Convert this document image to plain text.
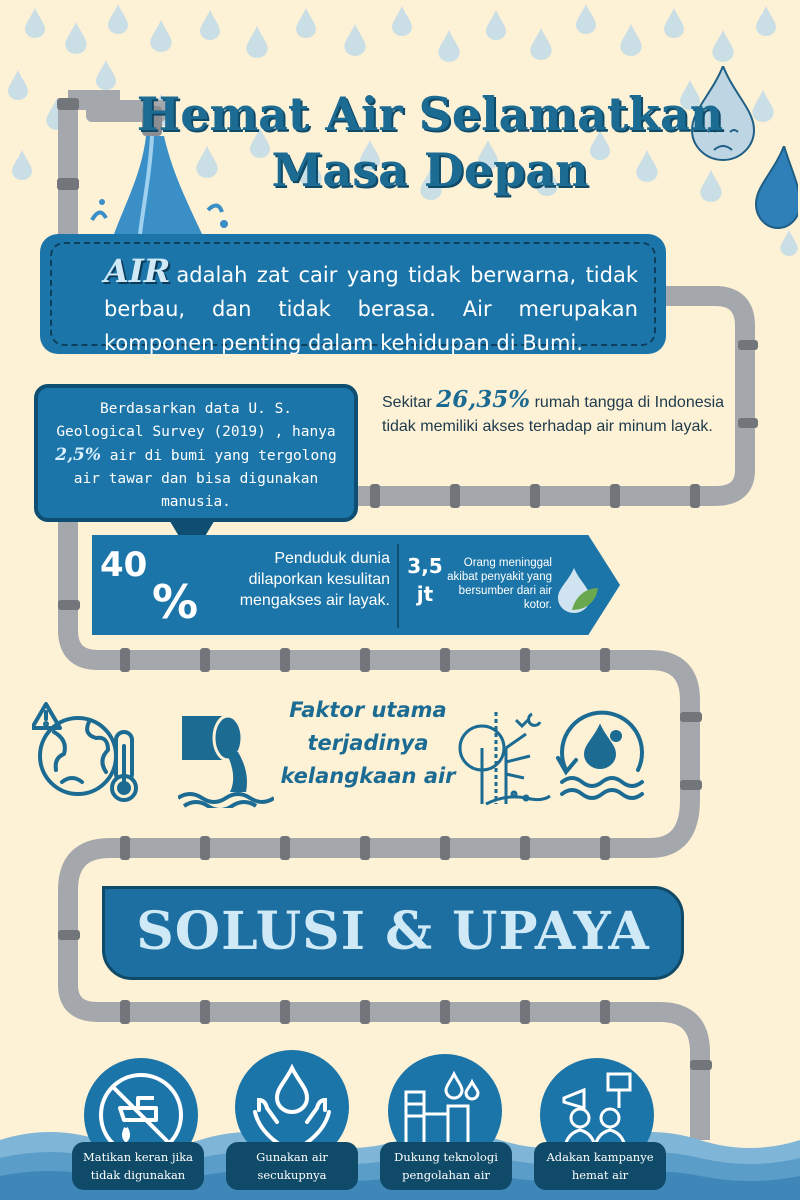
Hemat Air Selamatkan
Masa Depan
AIR adalah zat cair yang tidak berwarna, tidak berbau, dan tidak berasa. Air merupakan komponen penting dalam kehidupan di Bumi.
Berdasarkan data U. S. Geological Survey (2019) , hanya 2,5% air di bumi yang tergolong air tawar dan bisa digunakan manusia.
Sekitar 26,35% rumah tangga di Indonesia tidak memiliki akses terhadap air minum layak.
40
%
Penduduk dunia dilaporkan kesulitan mengakses air layak.
3,5
jt
Orang meninggal akibat penyakit yang bersumber dari air kotor.
Faktor utama terjadinya kelangkaan air
SOLUSI & UPAYA
Matikan keran jika tidak digunakan
Gunakan air secukupnya
Dukung teknologi pengolahan air
Adakan kampanye hemat air
